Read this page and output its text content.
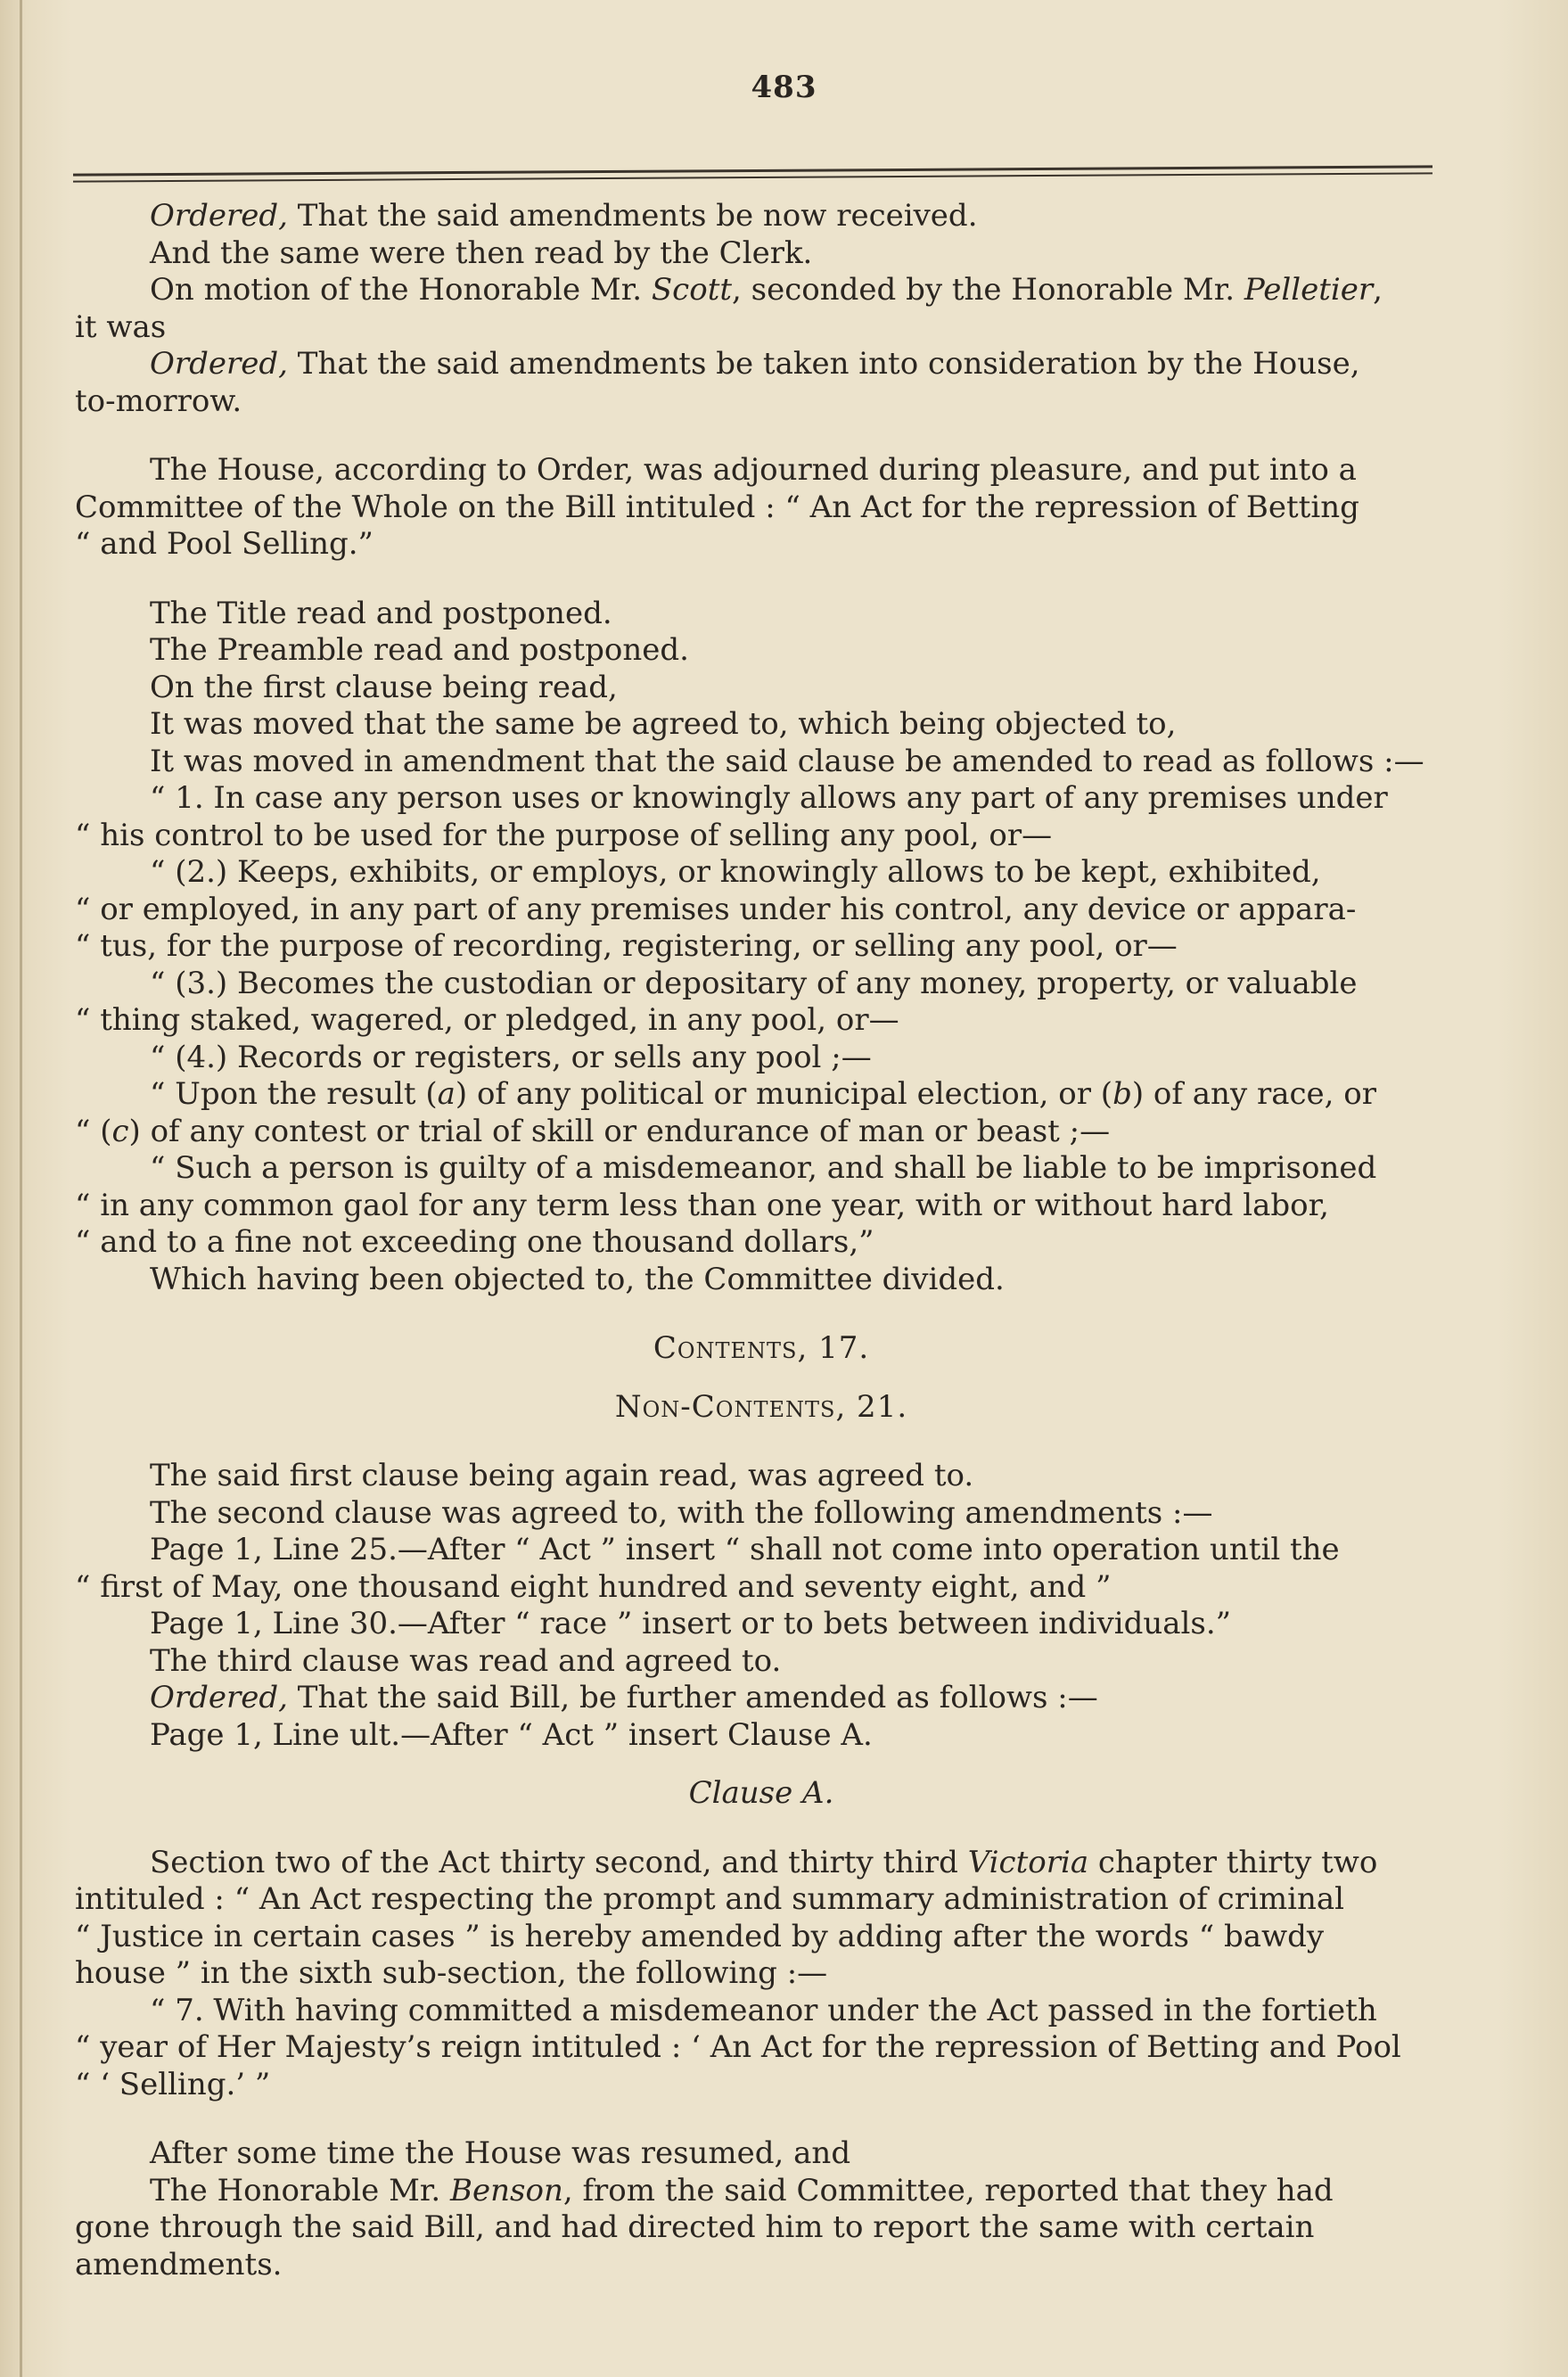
483

Ordered, That the said amendments be now received.

And the same were then read by the Clerk.

On motion of the Honorable Mr. Scott, seconded by the Honorable Mr. Pelletier,

it was

Ordered, That the said amendments be taken into consideration by the House,

to-morrow.

The House, according to Order, was adjourned during pleasure, and put into a

Committee of the Whole on the Bill intituled : “ An Act for the repression of Betting

“ and Pool Selling.”

The Title read and postponed.

The Preamble read and postponed.

On the first clause being read,

It was moved that the same be agreed to, which being objected to,

It was moved in amendment that the said clause be amended to read as follows :—

“ 1. In case any person uses or knowingly allows any part of any premises under

“ his control to be used for the purpose of selling any pool, or—

“ (2.) Keeps, exhibits, or employs, or knowingly allows to be kept, exhibited,

“ or employed, in any part of any premises under his control, any device or appara-

“ tus, for the purpose of recording, registering, or selling any pool, or—

“ (3.) Becomes the custodian or depositary of any money, property, or valuable

“ thing staked, wagered, or pledged, in any pool, or—

“ (4.) Records or registers, or sells any pool ;—

“ Upon the result (a) of any political or municipal election, or (b) of any race, or

“ (c) of any contest or trial of skill or endurance of man or beast ;—

“ Such a person is guilty of a misdemeanor, and shall be liable to be imprisoned

“ in any common gaol for any term less than one year, with or without hard labor,

“ and to a fine not exceeding one thousand dollars,”

Which having been objected to, the Committee divided.

Contents, 17.

Non-Contents, 21.

The said first clause being again read, was agreed to.

The second clause was agreed to, with the following amendments :—

Page 1, Line 25.—After “ Act ” insert “ shall not come into operation until the

“ first of May, one thousand eight hundred and seventy eight, and ”

Page 1, Line 30.—After “ race ” insert or to bets between individuals.”

The third clause was read and agreed to.

Ordered, That the said Bill, be further amended as follows :—

Page 1, Line ult.—After “ Act ” insert Clause A.

Clause A.

Section two of the Act thirty second, and thirty third Victoria chapter thirty two

intituled : “ An Act respecting the prompt and summary administration of criminal

“ Justice in certain cases ” is hereby amended by adding after the words “ bawdy

house ” in the sixth sub-section, the following :—

“ 7. With having committed a misdemeanor under the Act passed in the fortieth

“ year of Her Majesty’s reign intituled : ‘ An Act for the repression of Betting and Pool

“ ‘ Selling.’ ”

After some time the House was resumed, and

The Honorable Mr. Benson, from the said Committee, reported that they had

gone through the said Bill, and had directed him to report the same with certain

amendments.
